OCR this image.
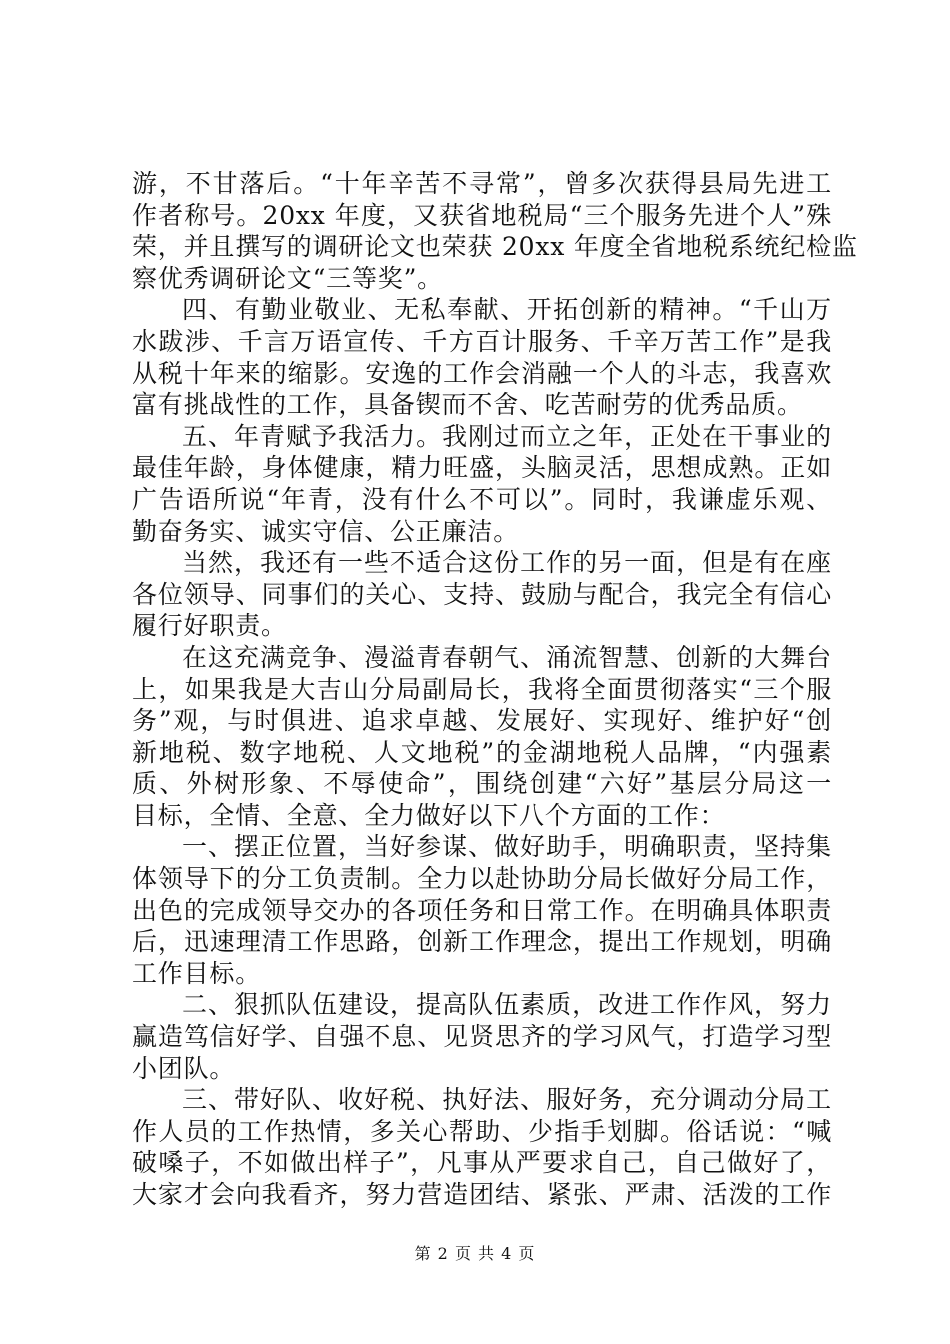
游，不甘落后。“十年辛苦不寻常”，曾多次获得县局先进工
作者称号。20xx 年度，又获省地税局“三个服务先进个人”殊
荣，并且撰写的调研论文也荣获 20xx 年度全省地税系统纪检监
察优秀调研论文“三等奖”。
四、有勤业敬业、无私奉献、开拓创新的精神。“千山万
水跋涉、千言万语宣传、千方百计服务、千辛万苦工作”是我
从税十年来的缩影。安逸的工作会消融一个人的斗志，我喜欢
富有挑战性的工作，具备锲而不舍、吃苦耐劳的优秀品质。
五、年青赋予我活力。我刚过而立之年，正处在干事业的
最佳年龄，身体健康，精力旺盛，头脑灵活，思想成熟。正如
广告语所说“年青，没有什么不可以”。同时，我谦虚乐观、
勤奋务实、诚实守信、公正廉洁。
当然，我还有一些不适合这份工作的另一面，但是有在座
各位领导、同事们的关心、支持、鼓励与配合，我完全有信心
履行好职责。
在这充满竞争、漫溢青春朝气、涌流智慧、创新的大舞台
上，如果我是大吉山分局副局长，我将全面贯彻落实“三个服
务”观，与时俱进、追求卓越、发展好、实现好、维护好“创
新地税、数字地税、人文地税”的金湖地税人品牌，“内强素
质、外树形象、不辱使命”，围绕创建“六好”基层分局这一
目标，全情、全意、全力做好以下八个方面的工作：
一、摆正位置，当好参谋、做好助手，明确职责，坚持集
体领导下的分工负责制。全力以赴协助分局长做好分局工作，
出色的完成领导交办的各项任务和日常工作。在明确具体职责
后，迅速理清工作思路，创新工作理念，提出工作规划，明确
工作目标。
二、狠抓队伍建设，提高队伍素质，改进工作作风，努力
赢造笃信好学、自强不息、见贤思齐的学习风气，打造学习型
小团队。
三、带好队、收好税、执好法、服好务，充分调动分局工
作人员的工作热情，多关心帮助、少指手划脚。俗话说：“喊
破嗓子，不如做出样子”，凡事从严要求自己，自己做好了，
大家才会向我看齐，努力营造团结、紧张、严肃、活泼的工作
第 2 页 共 4 页
